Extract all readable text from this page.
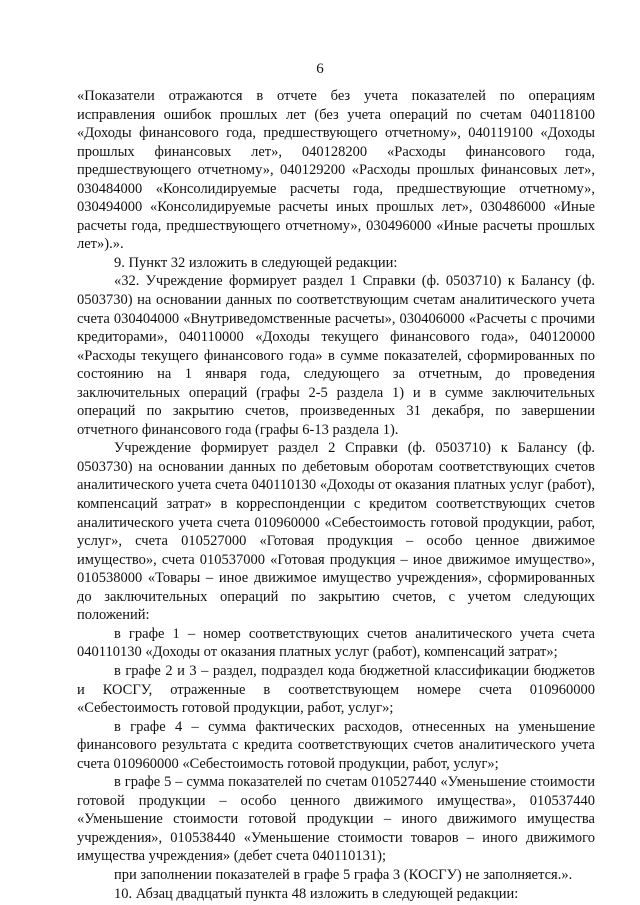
6

«Показатели отражаются в отчете без учета показателей по операциям исправления ошибок прошлых лет (без учета операций по счетам 040118100 «Доходы финансового года, предшествующего отчетному», 040119100 «Доходы прошлых финансовых лет», 040128200 «Расходы финансового года, предшествующего отчетному», 040129200 «Расходы прошлых финансовых лет», 030484000 «Консолидируемые расчеты года, предшествующие отчетному», 030494000 «Консолидируемые расчеты иных прошлых лет», 030486000 «Иные расчеты года, предшествующего отчетному», 030496000 «Иные расчеты прошлых лет»).».

9. Пункт 32 изложить в следующей редакции:

«32. Учреждение формирует раздел 1 Справки (ф. 0503710) к Балансу (ф. 0503730) на основании данных по соответствующим счетам аналитического учета счета 030404000 «Внутриведомственные расчеты», 030406000 «Расчеты с прочими кредиторами», 040110000 «Доходы текущего финансового года», 040120000 «Расходы текущего финансового года» в сумме показателей, сформированных по состоянию на 1 января года, следующего за отчетным, до проведения заключительных операций (графы 2-5 раздела 1) и в сумме заключительных операций по закрытию счетов, произведенных 31 декабря, по завершении отчетного финансового года (графы 6-13 раздела 1).

Учреждение формирует раздел 2 Справки (ф. 0503710) к Балансу (ф. 0503730) на основании данных по дебетовым оборотам соответствующих счетов аналитического учета счета 040110130 «Доходы от оказания платных услуг (работ), компенсаций затрат» в корреспонденции с кредитом соответствующих счетов аналитического учета счета 010960000 «Себестоимость готовой продукции, работ, услуг», счета 010527000 «Готовая продукция – особо ценное движимое имущество», счета 010537000 «Готовая продукция – иное движимое имущество», 010538000 «Товары – иное движимое имущество учреждения», сформированных до заключительных операций по закрытию счетов, с учетом следующих положений:

в графе 1 – номер соответствующих счетов аналитического учета счета 040110130 «Доходы от оказания платных услуг (работ), компенсаций затрат»;

в графе 2 и 3 – раздел, подраздел кода бюджетной классификации бюджетов и КОСГУ, отраженные в соответствующем номере счета 010960000 «Себестоимость готовой продукции, работ, услуг»;

в графе 4 – сумма фактических расходов, отнесенных на уменьшение финансового результата с кредита соответствующих счетов аналитического учета счета 010960000 «Себестоимость готовой продукции, работ, услуг»;

в графе 5 – сумма показателей по счетам 010527440 «Уменьшение стоимости готовой продукции – особо ценного движимого имущества», 010537440 «Уменьшение стоимости готовой продукции – иного движимого имущества учреждения», 010538440 «Уменьшение стоимости товаров – иного движимого имущества учреждения» (дебет счета 040110131);

при заполнении показателей в графе 5 графа 3 (КОСГУ) не заполняется.».

10. Абзац двадцатый пункта 48 изложить в следующей редакции:
